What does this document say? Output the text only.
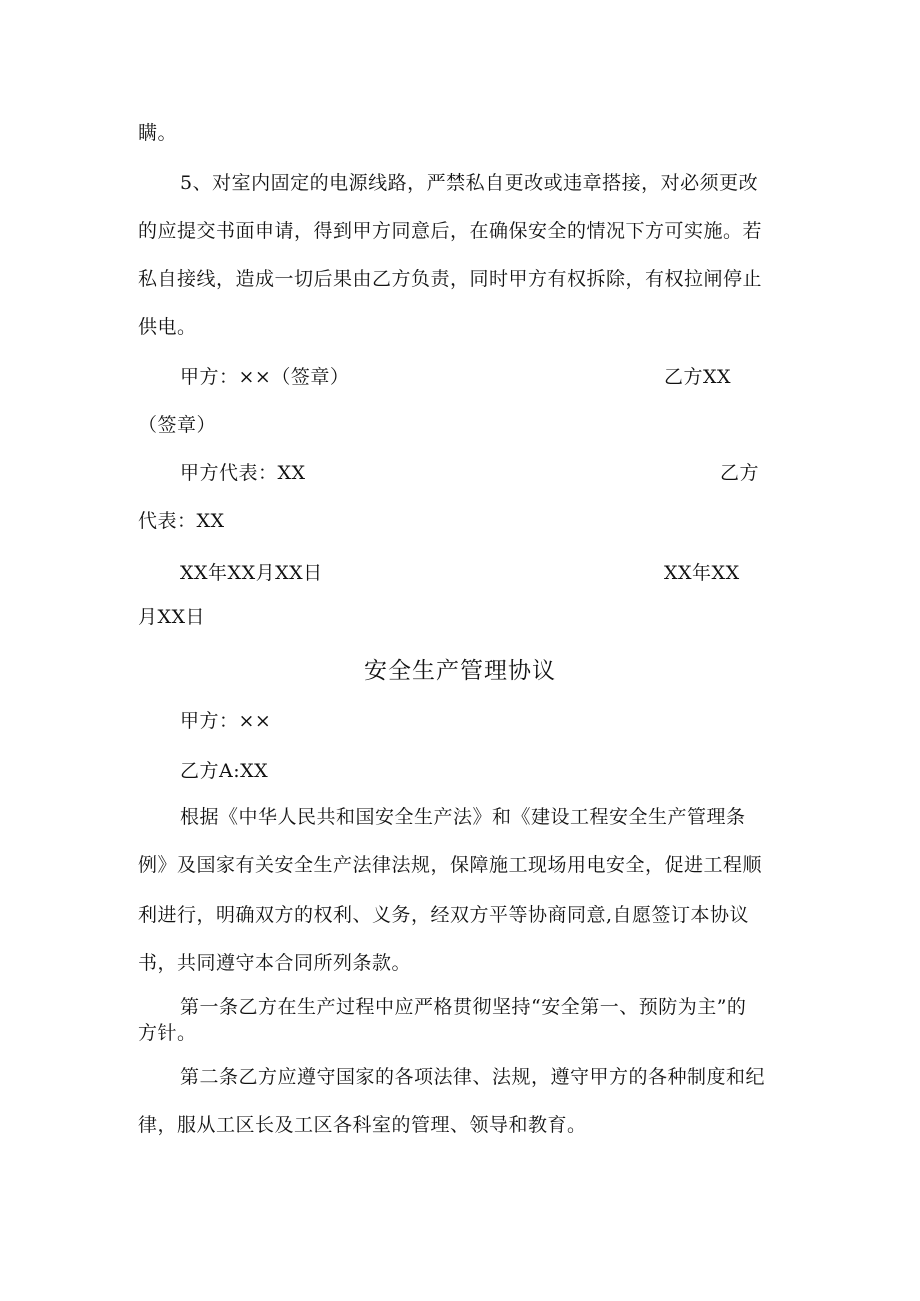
瞒。
5、对室内固定的电源线路，严禁私自更改或违章搭接，对必须更改
的应提交书面申请，得到甲方同意后，在确保安全的情况下方可实施。若
私自接线，造成一切后果由乙方负责，同时甲方有权拆除，有权拉闸停止
供电。
甲方：××（签章）	乙方XX
（签章）
甲方代表：XX	乙方
代表：XX
XX年XX月XX日	XX年XX
月XX日
安全生产管理协议
甲方：××
乙方A:XX
根据《中华人民共和国安全生产法》和《建设工程安全生产管理条
例》及国家有关安全生产法律法规，保障施工现场用电安全，促进工程顺
利进行，明确双方的权利、义务，经双方平等协商同意,自愿签订本协议
书，共同遵守本合同所列条款。
第一条乙方在生产过程中应严格贯彻坚持“安全第一、预防为主”的
方针。
第二条乙方应遵守国家的各项法律、法规，遵守甲方的各种制度和纪
律，服从工区长及工区各科室的管理、领导和教育。
